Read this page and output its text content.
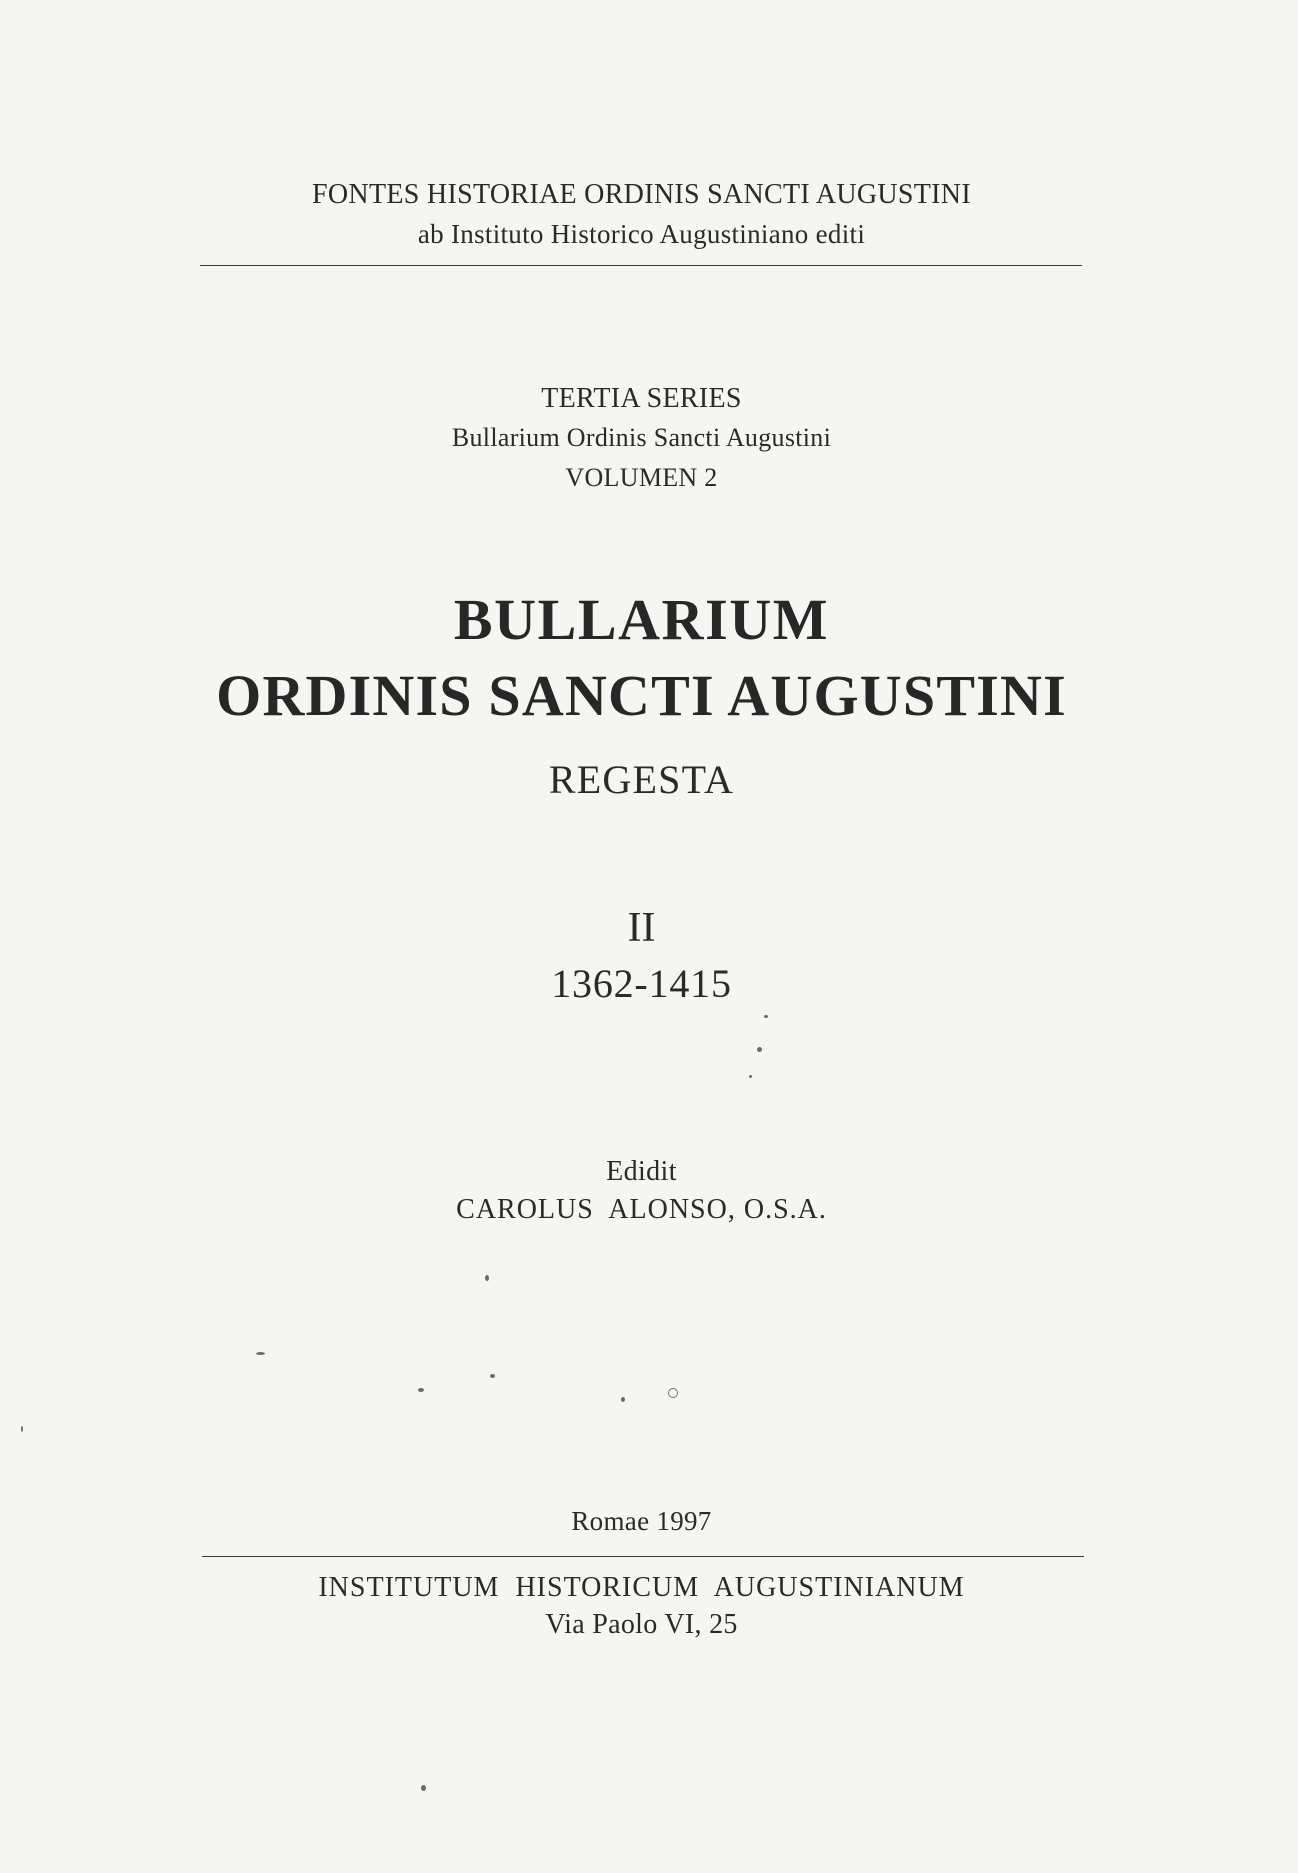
FONTES HISTORIAE ORDINIS SANCTI AUGUSTINI
ab Instituto Historico Augustiniano editi
TERTIA SERIES
Bullarium Ordinis Sancti Augustini
VOLUMEN 2
BULLARIUM
ORDINIS SANCTI AUGUSTINI
REGESTA
II
1362-1415
Edidit
CAROLUS  ALONSO, O.S.A.
Romae 1997
INSTITUTUM  HISTORICUM  AUGUSTINIANUM
Via Paolo VI, 25
